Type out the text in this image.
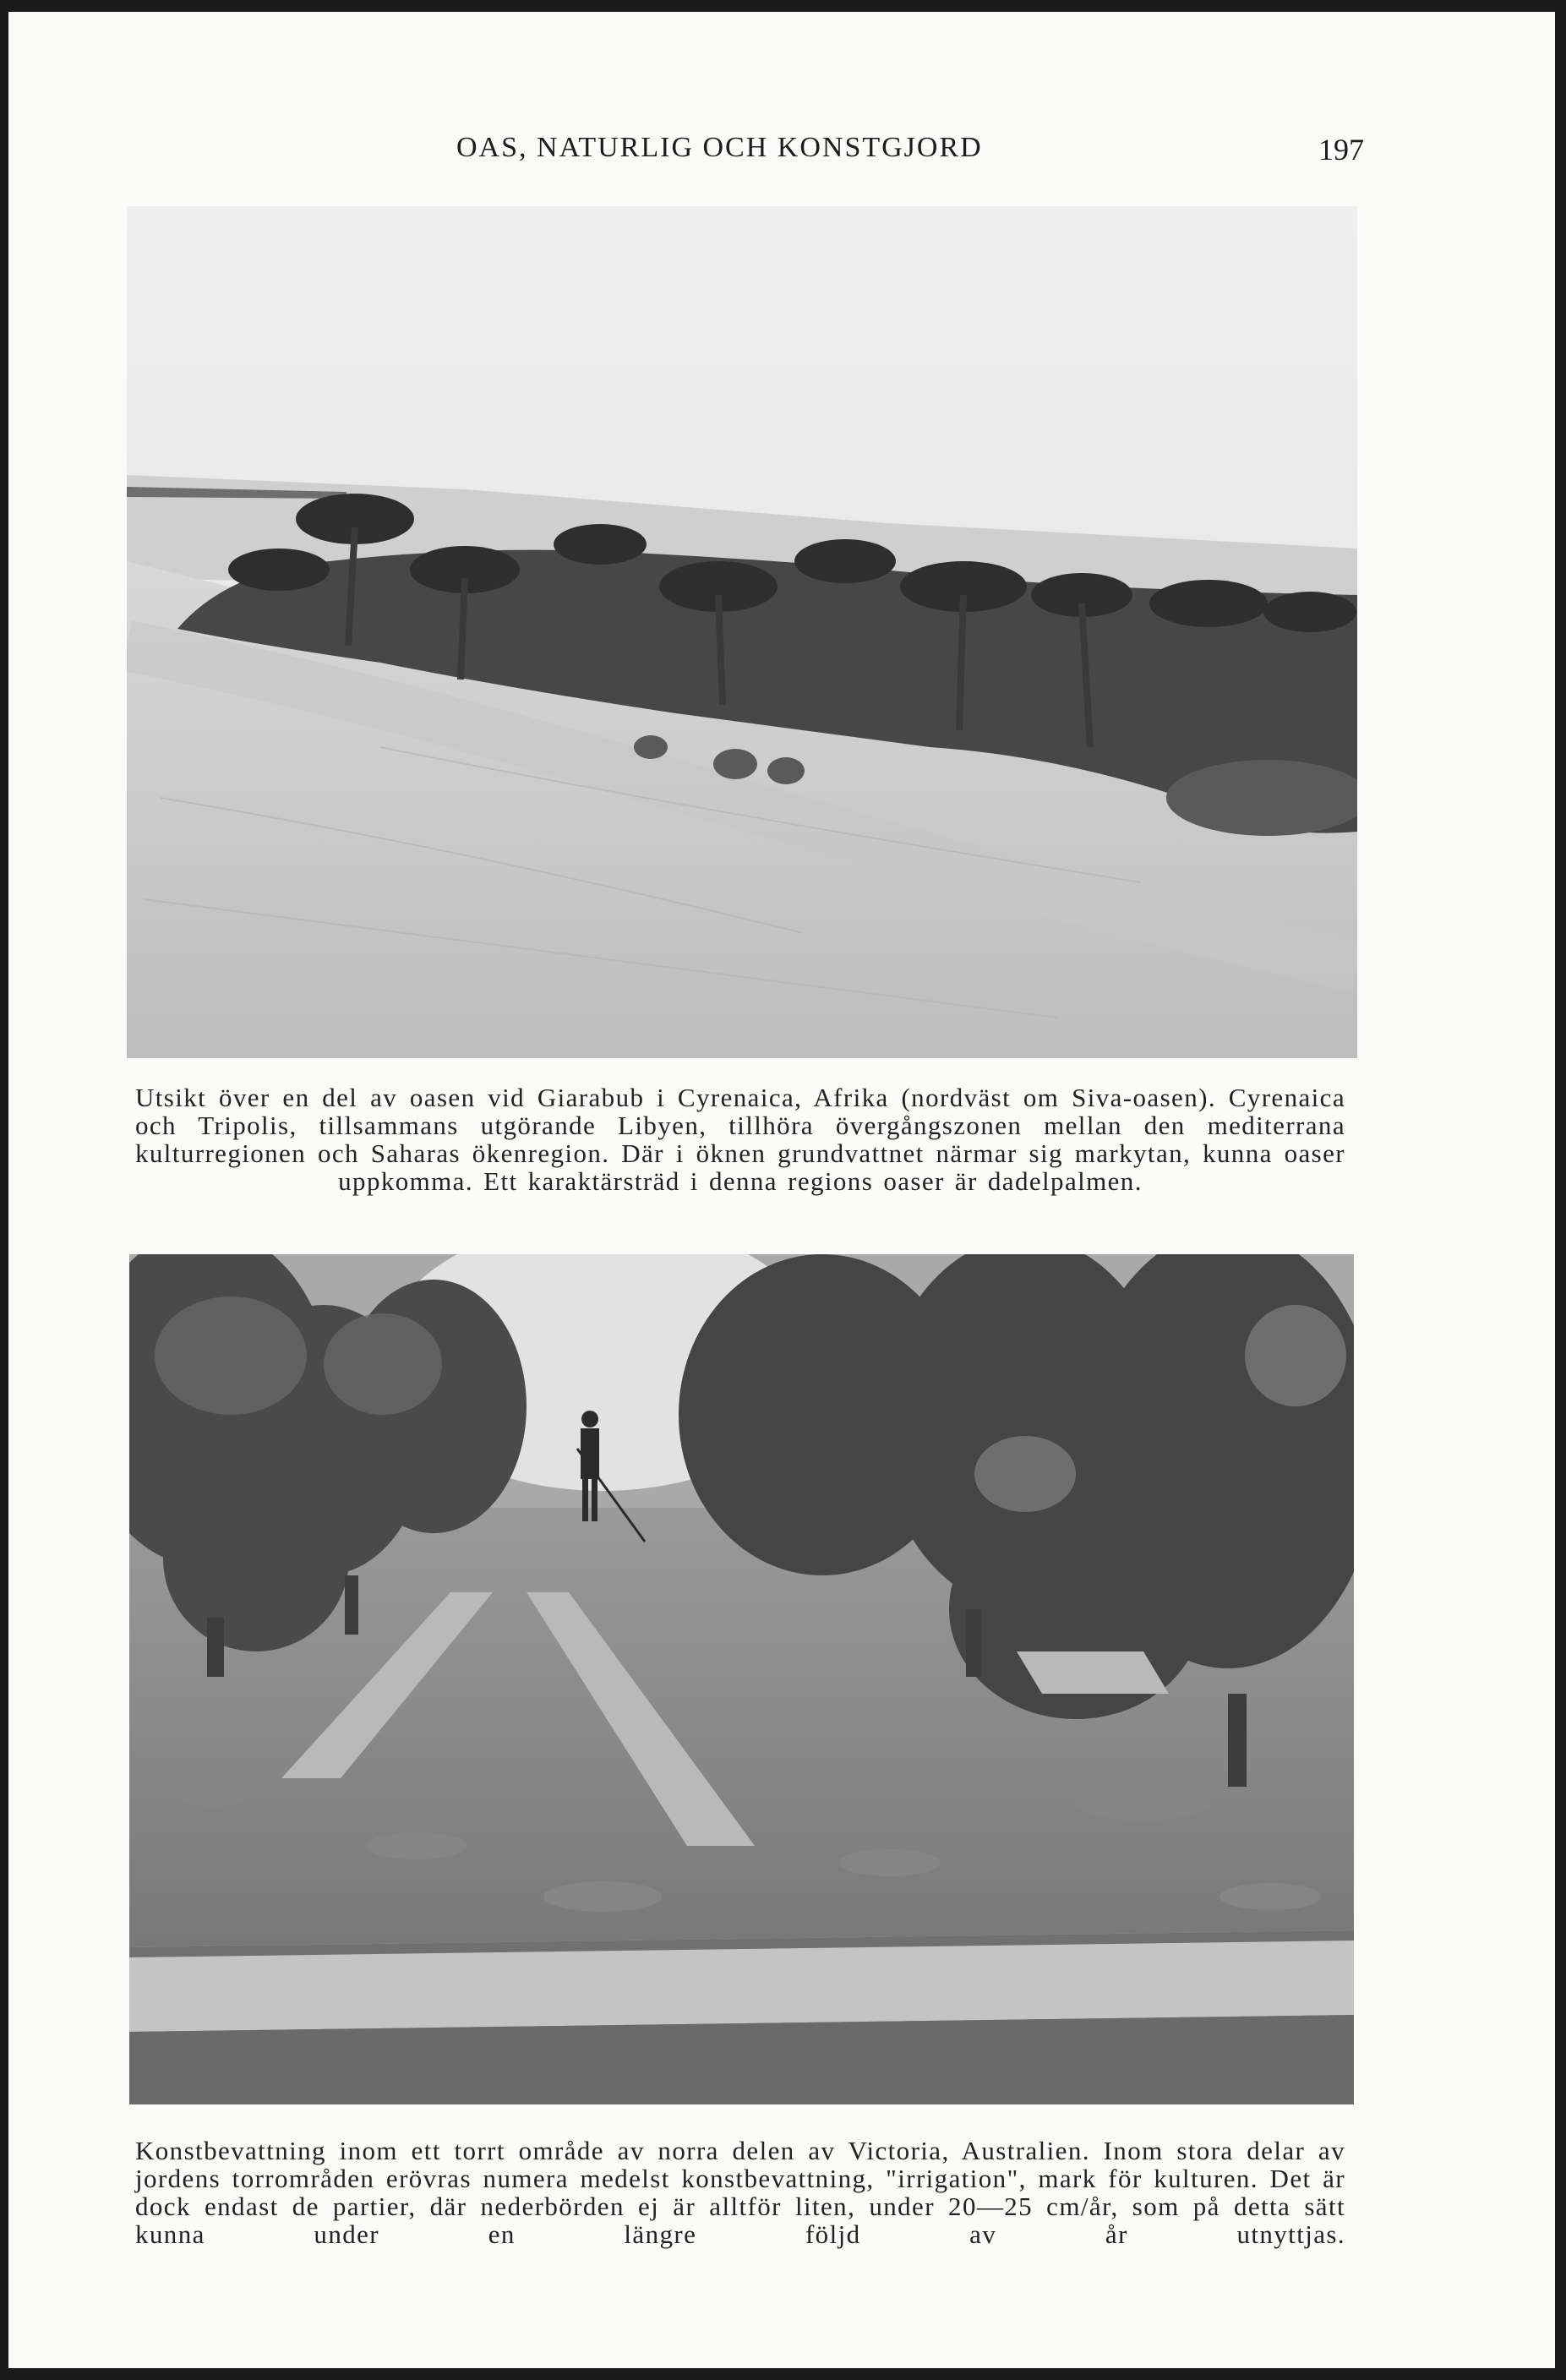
OAS, NATURLIG OCH KONSTGJORD	197
Utsikt över en del av oasen vid Giarabub i Cyrenaica, Afrika (nordväst om Siva-oasen). Cyrenaica och Tripolis, tillsammans utgörande Libyen, tillhöra övergångszonen mellan den mediterrana kulturregionen och Saharas ökenregion. Där i öknen grundvattnet närmar sig markytan, kunna oaser uppkomma. Ett karaktärsträd i denna regions oaser är dadelpalmen.
Konstbevattning inom ett torrt område av norra delen av Victoria, Australien. Inom stora delar av jordens torrområden erövras numera medelst konstbevattning, "irrigation", mark för kulturen. Det är dock endast de partier, där nederbörden ej är alltför liten, under 20—25 cm/år, som på detta sätt kunna under en längre följd av år utnyttjas.
